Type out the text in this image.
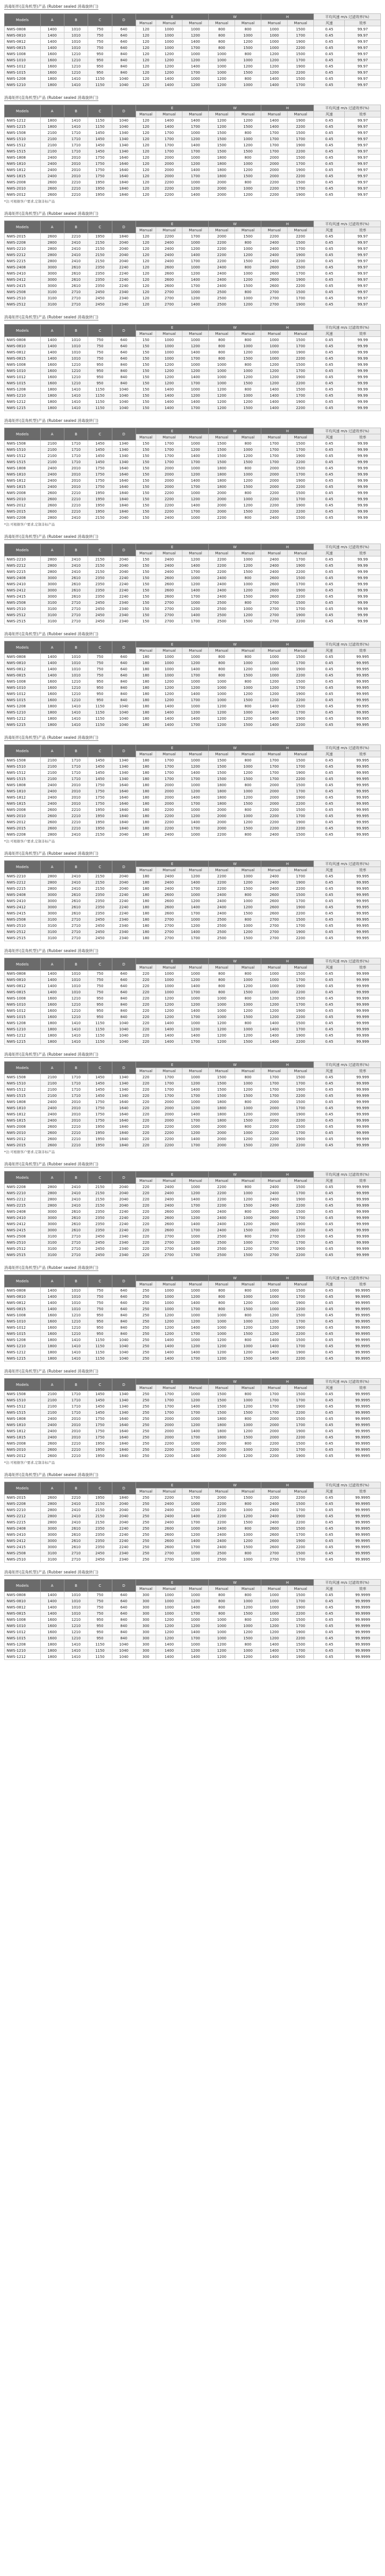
消毒矩形(直角机型)产品 (Rubber sealed 消毒旋转门)
Models	A	B	C	D	E			W		H		平均风速 m/s 过滤效率(%)	
					Manual	Manual	Manual	Manual	Manual	Manual	Manual	风速	效率
NWS-0808	1400	1010	750	640	120	1000	1000	800	800	1000	1500	0.45	99.97
NWS-0810	1400	1010	750	640	120	1000	1200	800	1000	1000	1700	0.45	99.97
NWS-0812	1400	1010	750	640	120	1000	1400	800	1200	1000	1900	0.45	99.97
NWS-0815	1400	1010	750	640	120	1000	1700	800	1500	1000	2200	0.45	99.97
NWS-1008	1600	1210	950	840	120	1200	1000	1000	800	1200	1500	0.45	99.97
NWS-1010	1600	1210	950	840	120	1200	1200	1000	1000	1200	1700	0.45	99.97
NWS-1012	1600	1210	950	840	120	1200	1400	1000	1200	1200	1900	0.45	99.97
NWS-1015	1600	1210	950	840	120	1200	1700	1000	1500	1200	2200	0.45	99.97
NWS-1208	1800	1410	1150	1040	120	1400	1000	1200	800	1400	1500	0.45	99.97
NWS-1210	1800	1410	1150	1040	120	1400	1200	1200	1000	1400	1700	0.45	99.97
消毒矩形(直角机型)产品 (Rubber sealed 消毒旋转门)
Models	A	B	C	D	E			W		H		平均风速 m/s 过滤效率(%)	
					Manual	Manual	Manual	Manual	Manual	Manual	Manual	风速	效率
NWS-1212	1800	1410	1150	1040	120	1400	1400	1200	1200	1400	1900	0.45	99.97
NWS-1215	1800	1410	1150	1040	120	1400	1700	1200	1500	1400	2200	0.45	99.97
NWS-1508	2100	1710	1450	1340	120	1700	1000	1500	800	1700	1500	0.45	99.97
NWS-1510	2100	1710	1450	1340	120	1700	1200	1500	1000	1700	1700	0.45	99.97
NWS-1512	2100	1710	1450	1340	120	1700	1400	1500	1200	1700	1900	0.45	99.97
NWS-1515	2100	1710	1450	1340	120	1700	1700	1500	1500	1700	2200	0.45	99.97
NWS-1808	2400	2010	1750	1640	120	2000	1000	1800	800	2000	1500	0.45	99.97
NWS-1810	2400	2010	1750	1640	120	2000	1200	1800	1000	2000	1700	0.45	99.97
NWS-1812	2400	2010	1750	1640	120	2000	1400	1800	1200	2000	1900	0.45	99.97
NWS-1815	2400	2010	1750	1640	120	2000	1700	1800	1500	2000	2200	0.45	99.97
NWS-2008	2600	2210	1950	1840	120	2200	1000	2000	800	2200	1500	0.45	99.97
NWS-2010	2600	2210	1950	1840	120	2200	1200	2000	1000	2200	1700	0.45	99.97
NWS-2012	2600	2210	1950	1840	120	2200	1400	2000	1200	2200	1900	0.45	99.97
*注:可根据客户要求,定制非标产品
消毒矩形(直角机型)产品 (Rubber sealed 消毒旋转门)
Models	A	B	C	D	E			W		H		平均风速 m/s 过滤效率(%)	
					Manual	Manual	Manual	Manual	Manual	Manual	Manual	风速	效率
NWS-2015	2600	2210	1950	1840	120	2200	1700	2000	1500	2200	2200	0.45	99.97
NWS-2208	2800	2410	2150	2040	120	2400	1000	2200	800	2400	1500	0.45	99.97
NWS-2210	2800	2410	2150	2040	120	2400	1200	2200	1000	2400	1700	0.45	99.97
NWS-2212	2800	2410	2150	2040	120	2400	1400	2200	1200	2400	1900	0.45	99.97
NWS-2215	2800	2410	2150	2040	120	2400	1700	2200	1500	2400	2200	0.45	99.97
NWS-2408	3000	2610	2350	2240	120	2600	1000	2400	800	2600	1500	0.45	99.97
NWS-2410	3000	2610	2350	2240	120	2600	1200	2400	1000	2600	1700	0.45	99.97
NWS-2412	3000	2610	2350	2240	120	2600	1400	2400	1200	2600	1900	0.45	99.97
NWS-2415	3000	2610	2350	2240	120	2600	1700	2400	1500	2600	2200	0.45	99.97
NWS-2508	3100	2710	2450	2340	120	2700	1000	2500	800	2700	1500	0.45	99.97
NWS-2510	3100	2710	2450	2340	120	2700	1200	2500	1000	2700	1700	0.45	99.97
NWS-2512	3100	2710	2450	2340	120	2700	1400	2500	1200	2700	1900	0.45	99.97
消毒矩形(直角机型)产品 (Rubber sealed 消毒旋转门)
Models	A	B	C	D	E			W		H		平均风速 m/s 过滤效率(%)	
					Manual	Manual	Manual	Manual	Manual	Manual	Manual	风速	效率
NWS-0808	1400	1010	750	640	150	1000	1000	800	800	1000	1500	0.45	99.99
NWS-0810	1400	1010	750	640	150	1000	1200	800	1000	1000	1700	0.45	99.99
NWS-0812	1400	1010	750	640	150	1000	1400	800	1200	1000	1900	0.45	99.99
NWS-0815	1400	1010	750	640	150	1000	1700	800	1500	1000	2200	0.45	99.99
NWS-1008	1600	1210	950	840	150	1200	1000	1000	800	1200	1500	0.45	99.99
NWS-1010	1600	1210	950	840	150	1200	1200	1000	1000	1200	1700	0.45	99.99
NWS-1012	1600	1210	950	840	150	1200	1400	1000	1200	1200	1900	0.45	99.99
NWS-1015	1600	1210	950	840	150	1200	1700	1000	1500	1200	2200	0.45	99.99
NWS-1208	1800	1410	1150	1040	150	1400	1000	1200	800	1400	1500	0.45	99.99
NWS-1210	1800	1410	1150	1040	150	1400	1200	1200	1000	1400	1700	0.45	99.99
NWS-1212	1800	1410	1150	1040	150	1400	1400	1200	1200	1400	1900	0.45	99.99
NWS-1215	1800	1410	1150	1040	150	1400	1700	1200	1500	1400	2200	0.45	99.99
消毒矩形(直角机型)产品 (Rubber sealed 消毒旋转门)
Models	A	B	C	D	E			W		H		平均风速 m/s 过滤效率(%)	
					Manual	Manual	Manual	Manual	Manual	Manual	Manual	风速	效率
NWS-1508	2100	1710	1450	1340	150	1700	1000	1500	800	1700	1500	0.45	99.99
NWS-1510	2100	1710	1450	1340	150	1700	1200	1500	1000	1700	1700	0.45	99.99
NWS-1512	2100	1710	1450	1340	150	1700	1400	1500	1200	1700	1900	0.45	99.99
NWS-1515	2100	1710	1450	1340	150	1700	1700	1500	1500	1700	2200	0.45	99.99
NWS-1808	2400	2010	1750	1640	150	2000	1000	1800	800	2000	1500	0.45	99.99
NWS-1810	2400	2010	1750	1640	150	2000	1200	1800	1000	2000	1700	0.45	99.99
NWS-1812	2400	2010	1750	1640	150	2000	1400	1800	1200	2000	1900	0.45	99.99
NWS-1815	2400	2010	1750	1640	150	2000	1700	1800	1500	2000	2200	0.45	99.99
NWS-2008	2600	2210	1950	1840	150	2200	1000	2000	800	2200	1500	0.45	99.99
NWS-2010	2600	2210	1950	1840	150	2200	1200	2000	1000	2200	1700	0.45	99.99
NWS-2012	2600	2210	1950	1840	150	2200	1400	2000	1200	2200	1900	0.45	99.99
NWS-2015	2600	2210	1950	1840	150	2200	1700	2000	1500	2200	2200	0.45	99.99
NWS-2208	2800	2410	2150	2040	150	2400	1000	2200	800	2400	1500	0.45	99.99
*注:可根据客户要求,定制非标产品
消毒矩形(直角机型)产品 (Rubber sealed 消毒旋转门)
Models	A	B	C	D	E			W		H		平均风速 m/s 过滤效率(%)	
					Manual	Manual	Manual	Manual	Manual	Manual	Manual	风速	效率
NWS-2210	2800	2410	2150	2040	150	2400	1200	2200	1000	2400	1700	0.45	99.99
NWS-2212	2800	2410	2150	2040	150	2400	1400	2200	1200	2400	1900	0.45	99.99
NWS-2215	2800	2410	2150	2040	150	2400	1700	2200	1500	2400	2200	0.45	99.99
NWS-2408	3000	2610	2350	2240	150	2600	1000	2400	800	2600	1500	0.45	99.99
NWS-2410	3000	2610	2350	2240	150	2600	1200	2400	1000	2600	1700	0.45	99.99
NWS-2412	3000	2610	2350	2240	150	2600	1400	2400	1200	2600	1900	0.45	99.99
NWS-2415	3000	2610	2350	2240	150	2600	1700	2400	1500	2600	2200	0.45	99.99
NWS-2508	3100	2710	2450	2340	150	2700	1000	2500	800	2700	1500	0.45	99.99
NWS-2510	3100	2710	2450	2340	150	2700	1200	2500	1000	2700	1700	0.45	99.99
NWS-2512	3100	2710	2450	2340	150	2700	1400	2500	1200	2700	1900	0.45	99.99
NWS-2515	3100	2710	2450	2340	150	2700	1700	2500	1500	2700	2200	0.45	99.99
消毒矩形(直角机型)产品 (Rubber sealed 消毒旋转门)
Models	A	B	C	D	E			W		H		平均风速 m/s 过滤效率(%)	
					Manual	Manual	Manual	Manual	Manual	Manual	Manual	风速	效率
NWS-0808	1400	1010	750	640	180	1000	1000	800	800	1000	1500	0.45	99.995
NWS-0810	1400	1010	750	640	180	1000	1200	800	1000	1000	1700	0.45	99.995
NWS-0812	1400	1010	750	640	180	1000	1400	800	1200	1000	1900	0.45	99.995
NWS-0815	1400	1010	750	640	180	1000	1700	800	1500	1000	2200	0.45	99.995
NWS-1008	1600	1210	950	840	180	1200	1000	1000	800	1200	1500	0.45	99.995
NWS-1010	1600	1210	950	840	180	1200	1200	1000	1000	1200	1700	0.45	99.995
NWS-1012	1600	1210	950	840	180	1200	1400	1000	1200	1200	1900	0.45	99.995
NWS-1015	1600	1210	950	840	180	1200	1700	1000	1500	1200	2200	0.45	99.995
NWS-1208	1800	1410	1150	1040	180	1400	1000	1200	800	1400	1500	0.45	99.995
NWS-1210	1800	1410	1150	1040	180	1400	1200	1200	1000	1400	1700	0.45	99.995
NWS-1212	1800	1410	1150	1040	180	1400	1400	1200	1200	1400	1900	0.45	99.995
NWS-1215	1800	1410	1150	1040	180	1400	1700	1200	1500	1400	2200	0.45	99.995
消毒矩形(直角机型)产品 (Rubber sealed 消毒旋转门)
Models	A	B	C	D	E			W		H		平均风速 m/s 过滤效率(%)	
					Manual	Manual	Manual	Manual	Manual	Manual	Manual	风速	效率
NWS-1508	2100	1710	1450	1340	180	1700	1000	1500	800	1700	1500	0.45	99.995
NWS-1510	2100	1710	1450	1340	180	1700	1200	1500	1000	1700	1700	0.45	99.995
NWS-1512	2100	1710	1450	1340	180	1700	1400	1500	1200	1700	1900	0.45	99.995
NWS-1515	2100	1710	1450	1340	180	1700	1700	1500	1500	1700	2200	0.45	99.995
NWS-1808	2400	2010	1750	1640	180	2000	1000	1800	800	2000	1500	0.45	99.995
NWS-1810	2400	2010	1750	1640	180	2000	1200	1800	1000	2000	1700	0.45	99.995
NWS-1812	2400	2010	1750	1640	180	2000	1400	1800	1200	2000	1900	0.45	99.995
NWS-1815	2400	2010	1750	1640	180	2000	1700	1800	1500	2000	2200	0.45	99.995
NWS-2008	2600	2210	1950	1840	180	2200	1000	2000	800	2200	1500	0.45	99.995
NWS-2010	2600	2210	1950	1840	180	2200	1200	2000	1000	2200	1700	0.45	99.995
NWS-2012	2600	2210	1950	1840	180	2200	1400	2000	1200	2200	1900	0.45	99.995
NWS-2015	2600	2210	1950	1840	180	2200	1700	2000	1500	2200	2200	0.45	99.995
NWS-2208	2800	2410	2150	2040	180	2400	1000	2200	800	2400	1500	0.45	99.995
*注:可根据客户要求,定制非标产品
消毒矩形(直角机型)产品 (Rubber sealed 消毒旋转门)
Models	A	B	C	D	E			W		H		平均风速 m/s 过滤效率(%)	
					Manual	Manual	Manual	Manual	Manual	Manual	Manual	风速	效率
NWS-2210	2800	2410	2150	2040	180	2400	1200	2200	1000	2400	1700	0.45	99.995
NWS-2212	2800	2410	2150	2040	180	2400	1400	2200	1200	2400	1900	0.45	99.995
NWS-2215	2800	2410	2150	2040	180	2400	1700	2200	1500	2400	2200	0.45	99.995
NWS-2408	3000	2610	2350	2240	180	2600	1000	2400	800	2600	1500	0.45	99.995
NWS-2410	3000	2610	2350	2240	180	2600	1200	2400	1000	2600	1700	0.45	99.995
NWS-2412	3000	2610	2350	2240	180	2600	1400	2400	1200	2600	1900	0.45	99.995
NWS-2415	3000	2610	2350	2240	180	2600	1700	2400	1500	2600	2200	0.45	99.995
NWS-2508	3100	2710	2450	2340	180	2700	1000	2500	800	2700	1500	0.45	99.995
NWS-2510	3100	2710	2450	2340	180	2700	1200	2500	1000	2700	1700	0.45	99.995
NWS-2512	3100	2710	2450	2340	180	2700	1400	2500	1200	2700	1900	0.45	99.995
NWS-2515	3100	2710	2450	2340	180	2700	1700	2500	1500	2700	2200	0.45	99.995
消毒矩形(直角机型)产品 (Rubber sealed 消毒旋转门)
Models	A	B	C	D	E			W		H		平均风速 m/s 过滤效率(%)	
					Manual	Manual	Manual	Manual	Manual	Manual	Manual	风速	效率
NWS-0808	1400	1010	750	640	220	1000	1000	800	800	1000	1500	0.45	99.999
NWS-0810	1400	1010	750	640	220	1000	1200	800	1000	1000	1700	0.45	99.999
NWS-0812	1400	1010	750	640	220	1000	1400	800	1200	1000	1900	0.45	99.999
NWS-0815	1400	1010	750	640	220	1000	1700	800	1500	1000	2200	0.45	99.999
NWS-1008	1600	1210	950	840	220	1200	1000	1000	800	1200	1500	0.45	99.999
NWS-1010	1600	1210	950	840	220	1200	1200	1000	1000	1200	1700	0.45	99.999
NWS-1012	1600	1210	950	840	220	1200	1400	1000	1200	1200	1900	0.45	99.999
NWS-1015	1600	1210	950	840	220	1200	1700	1000	1500	1200	2200	0.45	99.999
NWS-1208	1800	1410	1150	1040	220	1400	1000	1200	800	1400	1500	0.45	99.999
NWS-1210	1800	1410	1150	1040	220	1400	1200	1200	1000	1400	1700	0.45	99.999
NWS-1212	1800	1410	1150	1040	220	1400	1400	1200	1200	1400	1900	0.45	99.999
NWS-1215	1800	1410	1150	1040	220	1400	1700	1200	1500	1400	2200	0.45	99.999
消毒矩形(直角机型)产品 (Rubber sealed 消毒旋转门)
Models	A	B	C	D	E			W		H		平均风速 m/s 过滤效率(%)	
					Manual	Manual	Manual	Manual	Manual	Manual	Manual	风速	效率
NWS-1508	2100	1710	1450	1340	220	1700	1000	1500	800	1700	1500	0.45	99.999
NWS-1510	2100	1710	1450	1340	220	1700	1200	1500	1000	1700	1700	0.45	99.999
NWS-1512	2100	1710	1450	1340	220	1700	1400	1500	1200	1700	1900	0.45	99.999
NWS-1515	2100	1710	1450	1340	220	1700	1700	1500	1500	1700	2200	0.45	99.999
NWS-1808	2400	2010	1750	1640	220	2000	1000	1800	800	2000	1500	0.45	99.999
NWS-1810	2400	2010	1750	1640	220	2000	1200	1800	1000	2000	1700	0.45	99.999
NWS-1812	2400	2010	1750	1640	220	2000	1400	1800	1200	2000	1900	0.45	99.999
NWS-1815	2400	2010	1750	1640	220	2000	1700	1800	1500	2000	2200	0.45	99.999
NWS-2008	2600	2210	1950	1840	220	2200	1000	2000	800	2200	1500	0.45	99.999
NWS-2010	2600	2210	1950	1840	220	2200	1200	2000	1000	2200	1700	0.45	99.999
NWS-2012	2600	2210	1950	1840	220	2200	1400	2000	1200	2200	1900	0.45	99.999
NWS-2015	2600	2210	1950	1840	220	2200	1700	2000	1500	2200	2200	0.45	99.999
*注:可根据客户要求,定制非标产品
消毒矩形(直角机型)产品 (Rubber sealed 消毒旋转门)
Models	A	B	C	D	E			W		H		平均风速 m/s 过滤效率(%)	
					Manual	Manual	Manual	Manual	Manual	Manual	Manual	风速	效率
NWS-2208	2800	2410	2150	2040	220	2400	1000	2200	800	2400	1500	0.45	99.999
NWS-2210	2800	2410	2150	2040	220	2400	1200	2200	1000	2400	1700	0.45	99.999
NWS-2212	2800	2410	2150	2040	220	2400	1400	2200	1200	2400	1900	0.45	99.999
NWS-2215	2800	2410	2150	2040	220	2400	1700	2200	1500	2400	2200	0.45	99.999
NWS-2408	3000	2610	2350	2240	220	2600	1000	2400	800	2600	1500	0.45	99.999
NWS-2410	3000	2610	2350	2240	220	2600	1200	2400	1000	2600	1700	0.45	99.999
NWS-2412	3000	2610	2350	2240	220	2600	1400	2400	1200	2600	1900	0.45	99.999
NWS-2415	3000	2610	2350	2240	220	2600	1700	2400	1500	2600	2200	0.45	99.999
NWS-2508	3100	2710	2450	2340	220	2700	1000	2500	800	2700	1500	0.45	99.999
NWS-2510	3100	2710	2450	2340	220	2700	1200	2500	1000	2700	1700	0.45	99.999
NWS-2512	3100	2710	2450	2340	220	2700	1400	2500	1200	2700	1900	0.45	99.999
NWS-2515	3100	2710	2450	2340	220	2700	1700	2500	1500	2700	2200	0.45	99.999
消毒矩形(直角机型)产品 (Rubber sealed 消毒旋转门)
Models	A	B	C	D	E			W		H		平均风速 m/s 过滤效率(%)	
					Manual	Manual	Manual	Manual	Manual	Manual	Manual	风速	效率
NWS-0808	1400	1010	750	640	250	1000	1000	800	800	1000	1500	0.45	99.9995
NWS-0810	1400	1010	750	640	250	1000	1200	800	1000	1000	1700	0.45	99.9995
NWS-0812	1400	1010	750	640	250	1000	1400	800	1200	1000	1900	0.45	99.9995
NWS-0815	1400	1010	750	640	250	1000	1700	800	1500	1000	2200	0.45	99.9995
NWS-1008	1600	1210	950	840	250	1200	1000	1000	800	1200	1500	0.45	99.9995
NWS-1010	1600	1210	950	840	250	1200	1200	1000	1000	1200	1700	0.45	99.9995
NWS-1012	1600	1210	950	840	250	1200	1400	1000	1200	1200	1900	0.45	99.9995
NWS-1015	1600	1210	950	840	250	1200	1700	1000	1500	1200	2200	0.45	99.9995
NWS-1208	1800	1410	1150	1040	250	1400	1000	1200	800	1400	1500	0.45	99.9995
NWS-1210	1800	1410	1150	1040	250	1400	1200	1200	1000	1400	1700	0.45	99.9995
NWS-1212	1800	1410	1150	1040	250	1400	1400	1200	1200	1400	1900	0.45	99.9995
NWS-1215	1800	1410	1150	1040	250	1400	1700	1200	1500	1400	2200	0.45	99.9995
消毒矩形(直角机型)产品 (Rubber sealed 消毒旋转门)
Models	A	B	C	D	E			W		H		平均风速 m/s 过滤效率(%)	
					Manual	Manual	Manual	Manual	Manual	Manual	Manual	风速	效率
NWS-1508	2100	1710	1450	1340	250	1700	1000	1500	800	1700	1500	0.45	99.9995
NWS-1510	2100	1710	1450	1340	250	1700	1200	1500	1000	1700	1700	0.45	99.9995
NWS-1512	2100	1710	1450	1340	250	1700	1400	1500	1200	1700	1900	0.45	99.9995
NWS-1515	2100	1710	1450	1340	250	1700	1700	1500	1500	1700	2200	0.45	99.9995
NWS-1808	2400	2010	1750	1640	250	2000	1000	1800	800	2000	1500	0.45	99.9995
NWS-1810	2400	2010	1750	1640	250	2000	1200	1800	1000	2000	1700	0.45	99.9995
NWS-1812	2400	2010	1750	1640	250	2000	1400	1800	1200	2000	1900	0.45	99.9995
NWS-1815	2400	2010	1750	1640	250	2000	1700	1800	1500	2000	2200	0.45	99.9995
NWS-2008	2600	2210	1950	1840	250	2200	1000	2000	800	2200	1500	0.45	99.9995
NWS-2010	2600	2210	1950	1840	250	2200	1200	2000	1000	2200	1700	0.45	99.9995
NWS-2012	2600	2210	1950	1840	250	2200	1400	2000	1200	2200	1900	0.45	99.9995
*注:可根据客户要求,定制非标产品
消毒矩形(直角机型)产品 (Rubber sealed 消毒旋转门)
Models	A	B	C	D	E			W		H		平均风速 m/s 过滤效率(%)	
					Manual	Manual	Manual	Manual	Manual	Manual	Manual	风速	效率
NWS-2015	2600	2210	1950	1840	250	2200	1700	2000	1500	2200	2200	0.45	99.9995
NWS-2208	2800	2410	2150	2040	250	2400	1000	2200	800	2400	1500	0.45	99.9995
NWS-2210	2800	2410	2150	2040	250	2400	1200	2200	1000	2400	1700	0.45	99.9995
NWS-2212	2800	2410	2150	2040	250	2400	1400	2200	1200	2400	1900	0.45	99.9995
NWS-2215	2800	2410	2150	2040	250	2400	1700	2200	1500	2400	2200	0.45	99.9995
NWS-2408	3000	2610	2350	2240	250	2600	1000	2400	800	2600	1500	0.45	99.9995
NWS-2410	3000	2610	2350	2240	250	2600	1200	2400	1000	2600	1700	0.45	99.9995
NWS-2412	3000	2610	2350	2240	250	2600	1400	2400	1200	2600	1900	0.45	99.9995
NWS-2415	3000	2610	2350	2240	250	2600	1700	2400	1500	2600	2200	0.45	99.9995
NWS-2508	3100	2710	2450	2340	250	2700	1000	2500	800	2700	1500	0.45	99.9995
NWS-2510	3100	2710	2450	2340	250	2700	1200	2500	1000	2700	1700	0.45	99.9995
消毒矩形(直角机型)产品 (Rubber sealed 消毒旋转门)
Models	A	B	C	D	E			W		H		平均风速 m/s 过滤效率(%)	
					Manual	Manual	Manual	Manual	Manual	Manual	Manual	风速	效率
NWS-0808	1400	1010	750	640	300	1000	1000	800	800	1000	1500	0.45	99.9999
NWS-0810	1400	1010	750	640	300	1000	1200	800	1000	1000	1700	0.45	99.9999
NWS-0812	1400	1010	750	640	300	1000	1400	800	1200	1000	1900	0.45	99.9999
NWS-0815	1400	1010	750	640	300	1000	1700	800	1500	1000	2200	0.45	99.9999
NWS-1008	1600	1210	950	840	300	1200	1000	1000	800	1200	1500	0.45	99.9999
NWS-1010	1600	1210	950	840	300	1200	1200	1000	1000	1200	1700	0.45	99.9999
NWS-1012	1600	1210	950	840	300	1200	1400	1000	1200	1200	1900	0.45	99.9999
NWS-1015	1600	1210	950	840	300	1200	1700	1000	1500	1200	2200	0.45	99.9999
NWS-1208	1800	1410	1150	1040	300	1400	1000	1200	800	1400	1500	0.45	99.9999
NWS-1210	1800	1410	1150	1040	300	1400	1200	1200	1000	1400	1700	0.45	99.9999
NWS-1212	1800	1410	1150	1040	300	1400	1400	1200	1200	1400	1900	0.45	99.9999
